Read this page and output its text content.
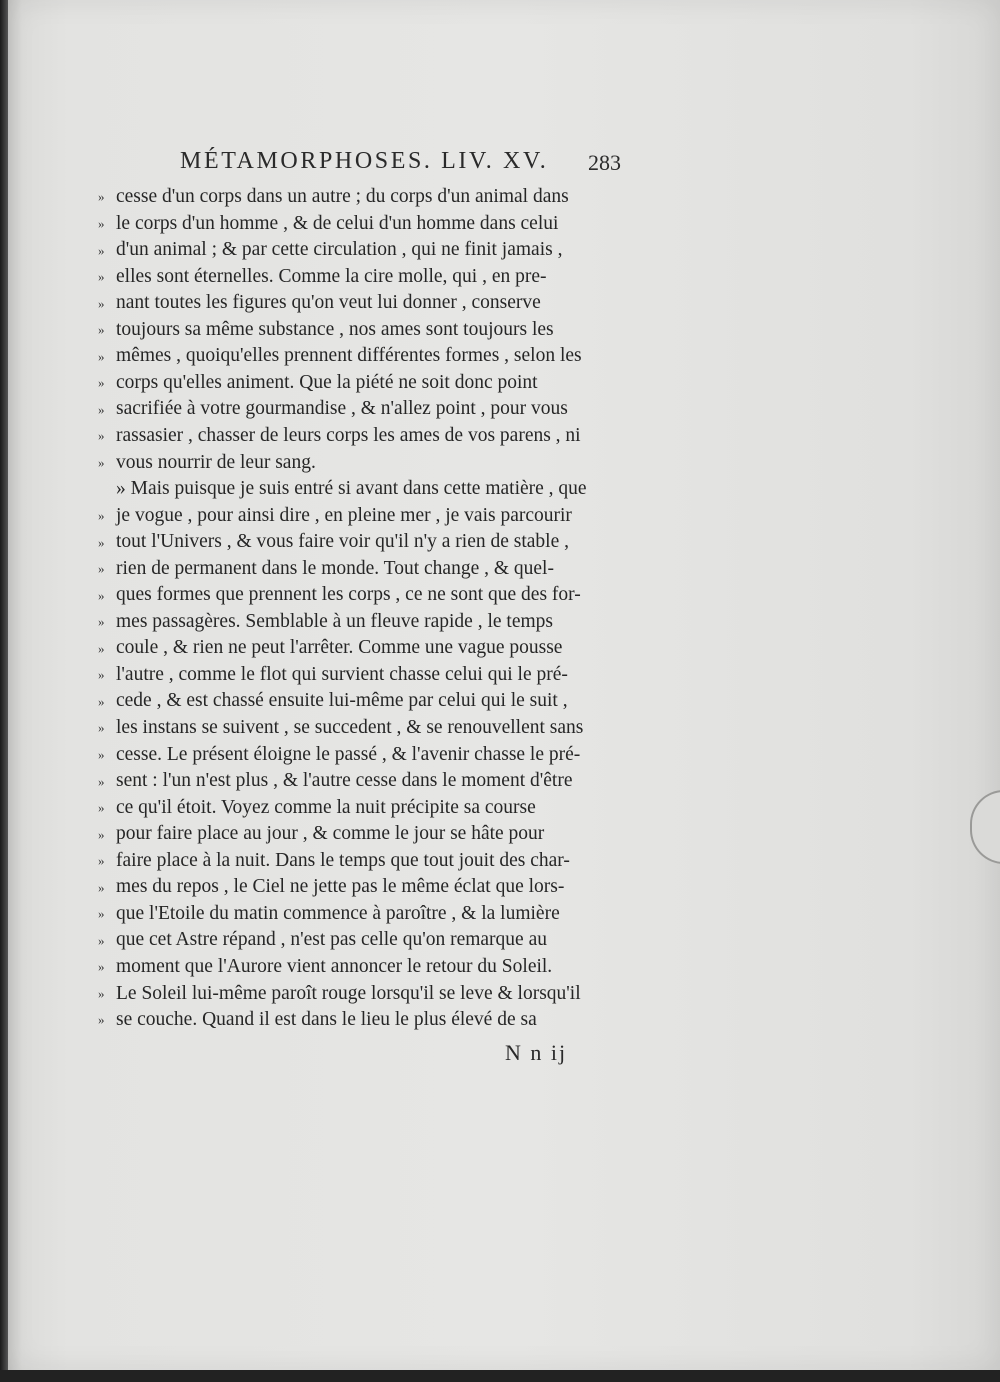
MÉTAMORPHOSES. LIV. XV. 283
» cesse d'un corps dans un autre ; du corps d'un animal dans
» le corps d'un homme , & de celui d'un homme dans celui
» d'un animal ; & par cette circulation , qui ne finit jamais ,
» elles sont éternelles. Comme la cire molle, qui , en pre-
» nant toutes les figures qu'on veut lui donner , conserve
» toujours sa même substance , nos ames sont toujours les
» mêmes , quoiqu'elles prennent différentes formes , selon les
» corps qu'elles animent. Que la piété ne soit donc point
» sacrifiée à votre gourmandise , & n'allez point , pour vous
» rassasier , chasser de leurs corps les ames de vos parens , ni
» vous nourrir de leur sang.
» Mais puisque je suis entré si avant dans cette matière , que
» je vogue , pour ainsi dire , en pleine mer , je vais parcourir
» tout l'Univers , & vous faire voir qu'il n'y a rien de stable ,
» rien de permanent dans le monde. Tout change , & quel-
» ques formes que prennent les corps , ce ne sont que des for-
» mes passagères. Semblable à un fleuve rapide , le temps
» coule , & rien ne peut l'arrêter. Comme une vague pousse
» l'autre , comme le flot qui survient chasse celui qui le pré-
» cede , & est chassé ensuite lui-même par celui qui le suit ,
» les instans se suivent , se succedent , & se renouvellent sans
» cesse. Le présent éloigne le passé , & l'avenir chasse le pré-
» sent : l'un n'est plus , & l'autre cesse dans le moment d'être
» ce qu'il étoit. Voyez comme la nuit précipite sa course
» pour faire place au jour , & comme le jour se hâte pour
» faire place à la nuit. Dans le temps que tout jouit des char-
» mes du repos , le Ciel ne jette pas le même éclat que lors-
» que l'Etoile du matin commence à paroître , & la lumière
» que cet Astre répand , n'est pas celle qu'on remarque au
» moment que l'Aurore vient annoncer le retour du Soleil.
» Le Soleil lui-même paroît rouge lorsqu'il se leve & lorsqu'il
» se couche. Quand il est dans le lieu le plus élevé de sa
N n ij
